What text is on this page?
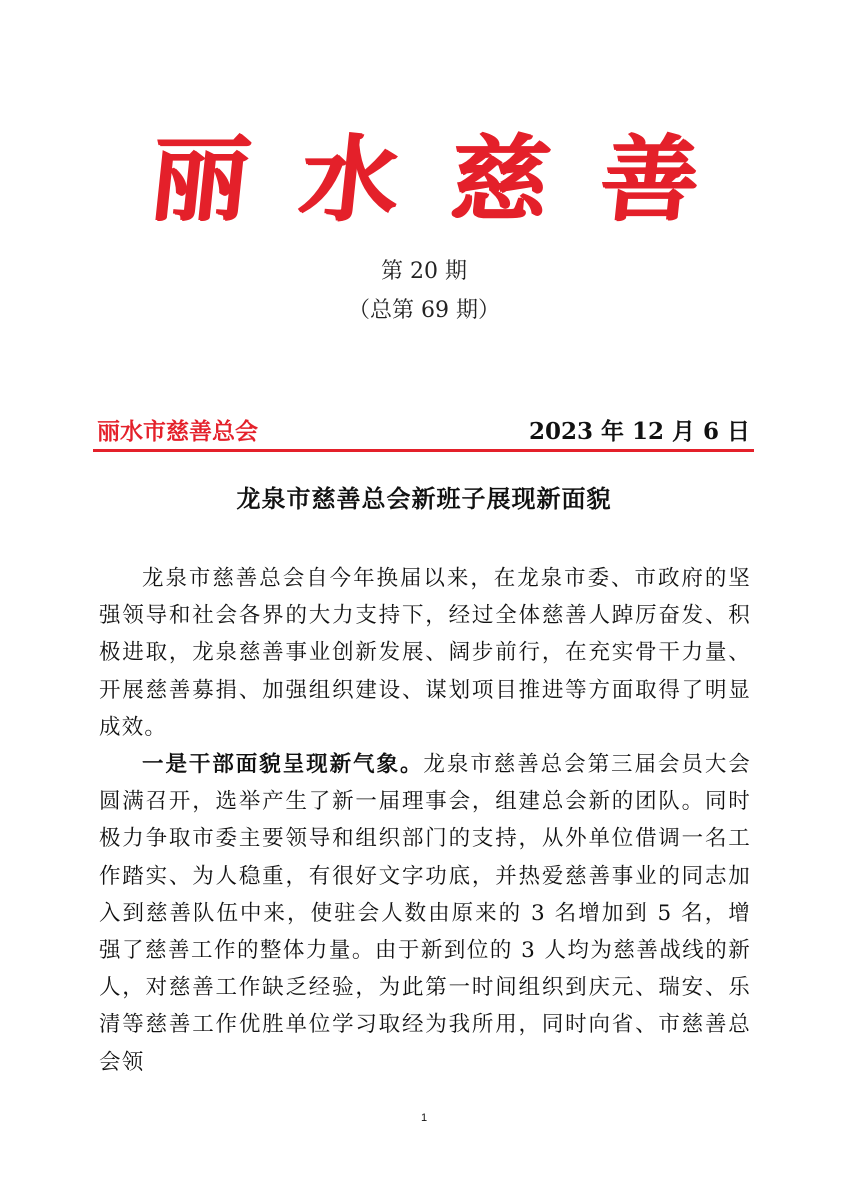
丽 水 慈 善
第 20 期
（总第 69 期）
丽水市慈善总会	2023 年 12 月 6 日
龙泉市慈善总会新班子展现新面貌

龙泉市慈善总会自今年换届以来，在龙泉市委、市政府的坚强领导和社会各界的大力支持下，经过全体慈善人踔厉奋发、积极进取，龙泉慈善事业创新发展、阔步前行，在充实骨干力量、开展慈善募捐、加强组织建设、谋划项目推进等方面取得了明显成效。

一是干部面貌呈现新气象。龙泉市慈善总会第三届会员大会圆满召开，选举产生了新一届理事会，组建总会新的团队。同时极力争取市委主要领导和组织部门的支持，从外单位借调一名工作踏实、为人稳重，有很好文字功底，并热爱慈善事业的同志加入到慈善队伍中来，使驻会人数由原来的 3 名增加到 5 名，增强了慈善工作的整体力量。由于新到位的 3 人均为慈善战线的新人，对慈善工作缺乏经验，为此第一时间组织到庆元、瑞安、乐清等慈善工作优胜单位学习取经为我所用，同时向省、市慈善总会领

1
